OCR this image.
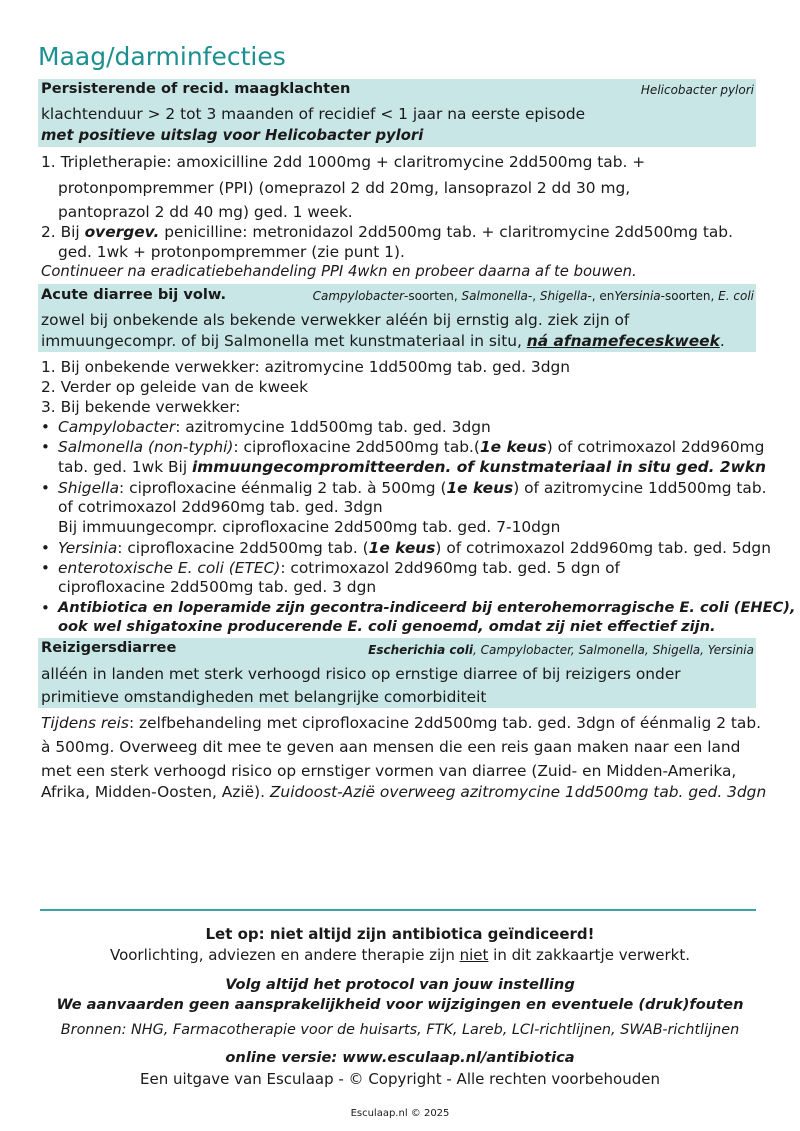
Maag/darminfecties
Persisterende of recid. maagklachten	Helicobacter pylori
klachtenduur > 2 tot 3 maanden of recidief < 1 jaar na eerste episode
met positieve uitslag voor Helicobacter pylori
1. Tripletherapie: amoxicilline 2dd 1000mg + claritromycine 2dd500mg tab. +
protonpompremmer (PPI) (omeprazol 2 dd 20mg, lansoprazol 2 dd 30 mg,
pantoprazol 2 dd 40 mg) ged. 1 week.
2. Bij overgev. penicilline: metronidazol 2dd500mg tab. + claritromycine 2dd500mg tab.
ged. 1wk + protonpompremmer (zie punt 1).
Continueer na eradicatiebehandeling PPI 4wkn en probeer daarna af te bouwen.
Acute diarree bij volw.	Campylobacter-soorten, Salmonella-, Shigella-, enYersinia-soorten, E. coli
zowel bij onbekende als bekende verwekker aléén bij ernstig alg. ziek zijn of
immuungecompr. of bij Salmonella met kunstmateriaal in situ, ná afnamefeceskweek.
1. Bij onbekende verwekker: azitromycine 1dd500mg tab. ged. 3dgn
2. Verder op geleide van de kweek
3. Bij bekende verwekker:
• Campylobacter: azitromycine 1dd500mg tab. ged. 3dgn
• Salmonella (non-typhi): ciprofloxacine 2dd500mg tab.(1e keus) of cotrimoxazol 2dd960mg
tab. ged. 1wk Bij immuungecompromitteerden. of kunstmateriaal in situ ged. 2wkn
• Shigella: ciprofloxacine éénmalig 2 tab. à 500mg (1e keus) of azitromycine 1dd500mg tab.
of cotrimoxazol 2dd960mg tab. ged. 3dgn
Bij immuungecompr. ciprofloxacine 2dd500mg tab. ged. 7-10dgn
• Yersinia: ciprofloxacine 2dd500mg tab. (1e keus) of cotrimoxazol 2dd960mg tab. ged. 5dgn
• enterotoxische E. coli (ETEC): cotrimoxazol 2dd960mg tab. ged. 5 dgn of
ciprofloxacine 2dd500mg tab. ged. 3 dgn
• Antibiotica en loperamide zijn gecontra-indiceerd bij enterohemorragische E. coli (EHEC),
ook wel shigatoxine producerende E. coli genoemd, omdat zij niet effectief zijn.
Reizigersdiarree	Escherichia coli, Campylobacter, Salmonella, Shigella, Yersinia
alléén in landen met sterk verhoogd risico op ernstige diarree of bij reizigers onder
primitieve omstandigheden met belangrijke comorbiditeit
Tijdens reis: zelfbehandeling met ciprofloxacine 2dd500mg tab. ged. 3dgn of éénmalig 2 tab.
à 500mg. Overweeg dit mee te geven aan mensen die een reis gaan maken naar een land
met een sterk verhoogd risico op ernstiger vormen van diarree (Zuid- en Midden-Amerika,
Afrika, Midden-Oosten, Azië). Zuidoost-Azië overweeg azitromycine 1dd500mg tab. ged. 3dgn
Let op: niet altijd zijn antibiotica geïndiceerd!
Voorlichting, adviezen en andere therapie zijn niet in dit zakkaartje verwerkt.
Volg altijd het protocol van jouw instelling
We aanvaarden geen aansprakelijkheid voor wijzigingen en eventuele (druk)fouten
Bronnen: NHG, Farmacotherapie voor de huisarts, FTK, Lareb, LCI-richtlijnen, SWAB-richtlijnen
online versie: www.esculaap.nl/antibiotica
Een uitgave van Esculaap - © Copyright - Alle rechten voorbehouden
Esculaap.nl © 2025
